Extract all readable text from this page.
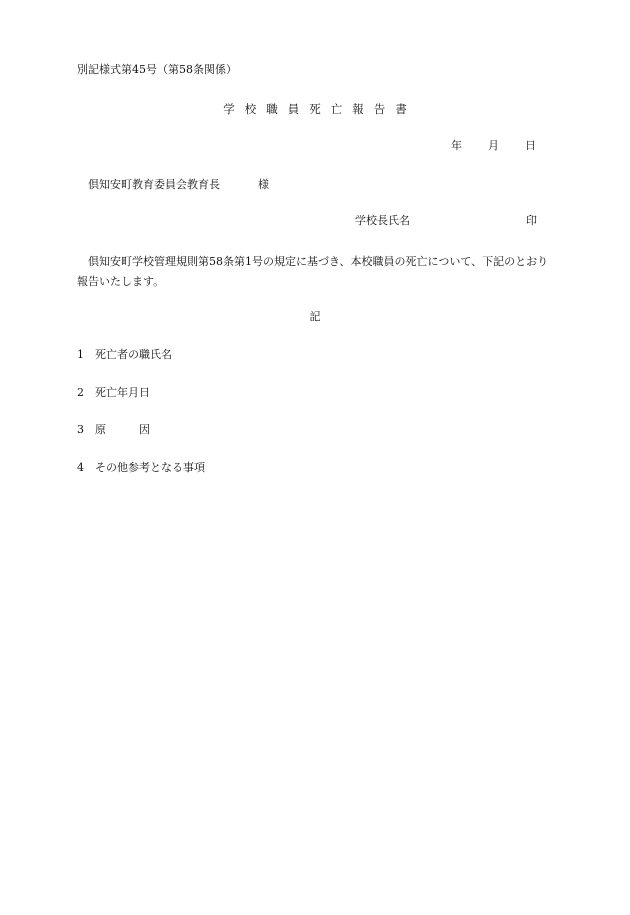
別記様式第45号（第58条関係）
学 校 職 員 死 亡 報 告 書
年 月 日
倶知安町教育委員会教育長	様
学校長氏名	印
倶知安町学校管理規則第58条第1号の規定に基づき、本校職員の死亡について、下記のとおり報告いたします。
記
1 死亡者の職氏名
2 死亡年月日
3 原	因
4 その他参考となる事項
